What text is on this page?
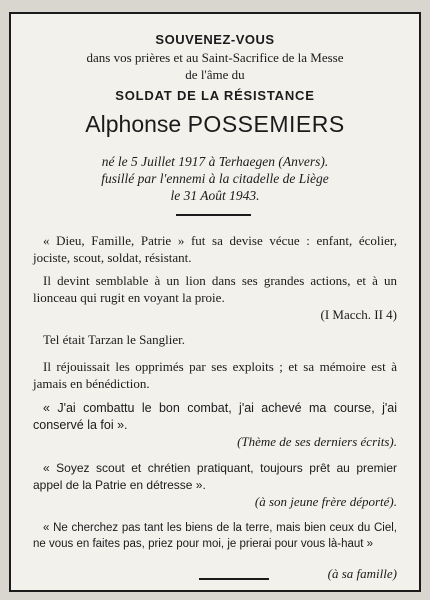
SOUVENEZ-VOUS
dans vos prières et au Saint-Sacrifice de la Messe
de l'âme du
SOLDAT DE LA RÉSISTANCE
Alphonse POSSEMIERS
né le 5 Juillet 1917 à Terhaegen (Anvers).
fusillé par l'ennemi à la citadelle de Liège
le 31 Août 1943.
« Dieu, Famille, Patrie » fut sa devise vécue : enfant, écolier, jociste, scout, soldat, résistant.
Il devint semblable à un lion dans ses grandes actions, et à un lionceau qui rugit en voyant la proie.
(I Macch. II 4)
Tel était Tarzan le Sanglier.
Il réjouissait les opprimés par ses exploits ; et sa mémoire est à jamais en bénédiction.
« J'ai combattu le bon combat, j'ai achevé ma course, j'ai conservé la foi ».
(Thème de ses derniers écrits).
« Soyez scout et chrétien pratiquant, toujours prêt au premier appel de la Patrie en détresse ».
(à son jeune frère déporté).
« Ne cherchez pas tant les biens de la terre, mais bien ceux du Ciel, ne vous en faites pas, priez pour moi, je prierai pour vous là-haut »
(à sa famille)
